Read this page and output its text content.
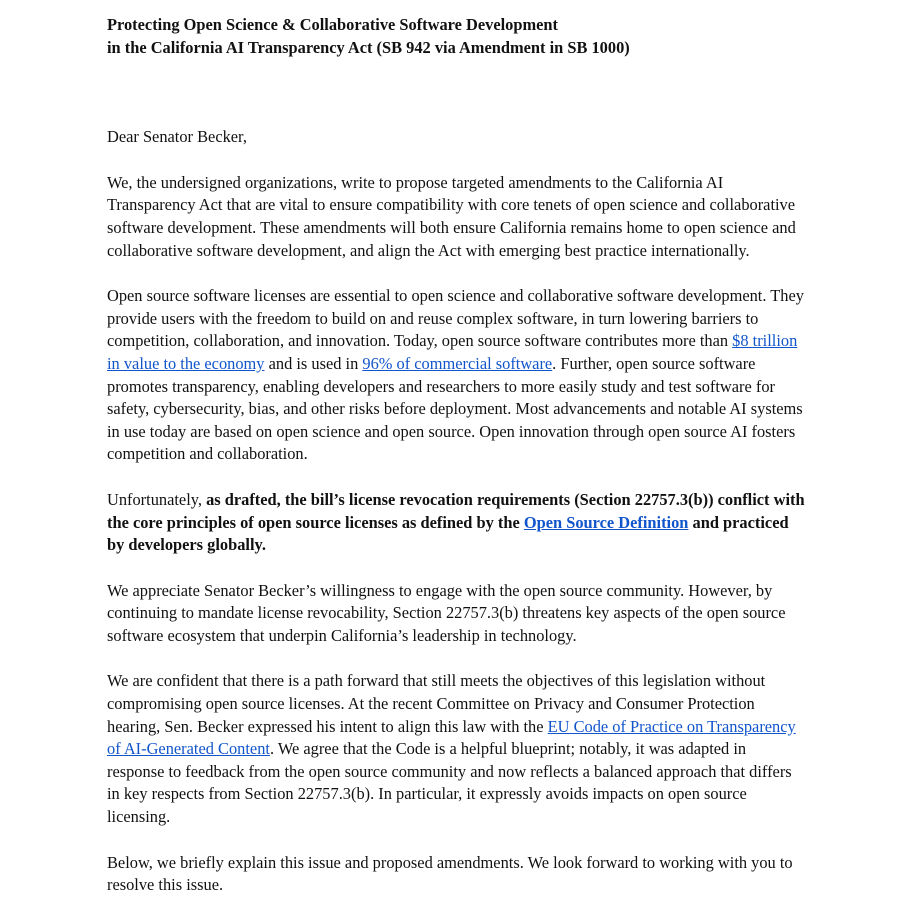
Protecting Open Science & Collaborative Software Development
in the California AI Transparency Act (SB 942 via Amendment in SB 1000)

Dear Senator Becker,

We, the undersigned organizations, write to propose targeted amendments to the California AI Transparency Act that are vital to ensure compatibility with core tenets of open science and collaborative software development. These amendments will both ensure California remains home to open science and collaborative software development, and align the Act with emerging best practice internationally.

Open source software licenses are essential to open science and collaborative software development. They provide users with the freedom to build on and reuse complex software, in turn lowering barriers to competition, collaboration, and innovation. Today, open source software contributes more than $8 trillion in value to the economy and is used in 96% of commercial software. Further, open source software promotes transparency, enabling developers and researchers to more easily study and test software for safety, cybersecurity, bias, and other risks before deployment. Most advancements and notable AI systems in use today are based on open science and open source. Open innovation through open source AI fosters competition and collaboration.

Unfortunately, as drafted, the bill’s license revocation requirements (Section 22757.3(b)) conflict with the core principles of open source licenses as defined by the Open Source Definition and practiced by developers globally.

We appreciate Senator Becker’s willingness to engage with the open source community. However, by continuing to mandate license revocability, Section 22757.3(b) threatens key aspects of the open source software ecosystem that underpin California’s leadership in technology.

We are confident that there is a path forward that still meets the objectives of this legislation without compromising open source licenses. At the recent Committee on Privacy and Consumer Protection hearing, Sen. Becker expressed his intent to align this law with the EU Code of Practice on Transparency of AI-Generated Content. We agree that the Code is a helpful blueprint; notably, it was adapted in response to feedback from the open source community and now reflects a balanced approach that differs in key respects from Section 22757.3(b). In particular, it expressly avoids impacts on open source licensing.

Below, we briefly explain this issue and proposed amendments. We look forward to working with you to resolve this issue.
